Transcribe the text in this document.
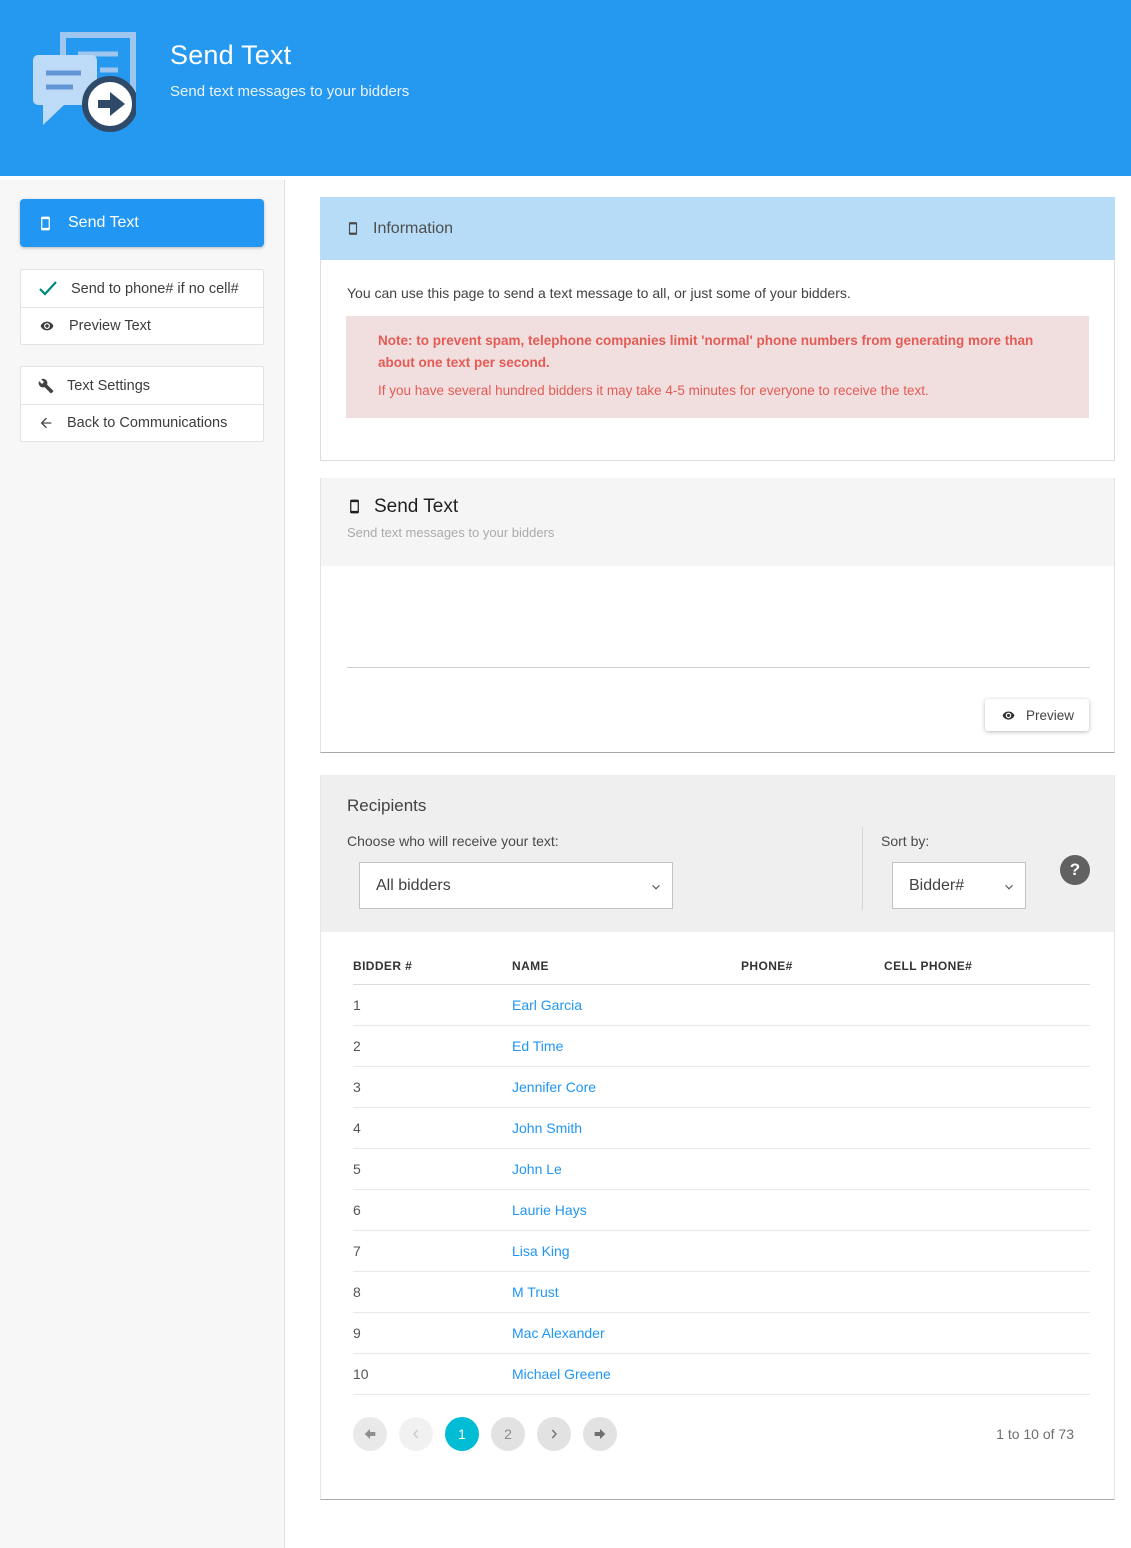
Send Text
Send text messages to your bidders
Send Text
Send to phone# if no cell#
Preview Text
Text Settings
Back to Communications
Information

You can use this page to send a text message to all, or just some of your bidders.

Note: to prevent spam, telephone companies limit 'normal' phone numbers from generating more than about one text per second.
If you have several hundred bidders it may take 4-5 minutes for everyone to receive the text.
Send Text
Send text messages to your bidders
Preview
Recipients
Choose who will receive your text:
All bidders
Sort by:
Bidder#
?
BIDDER #	NAME	PHONE#	CELL PHONE#
1	Earl Garcia		
2	Ed Time		
3	Jennifer Core		
4	John Smith		
5	John Le		
6	Laurie Hays		
7	Lisa King		
8	M Trust		
9	Mac Alexander		
10	Michael Greene		
1	2	1 to 10 of 73
